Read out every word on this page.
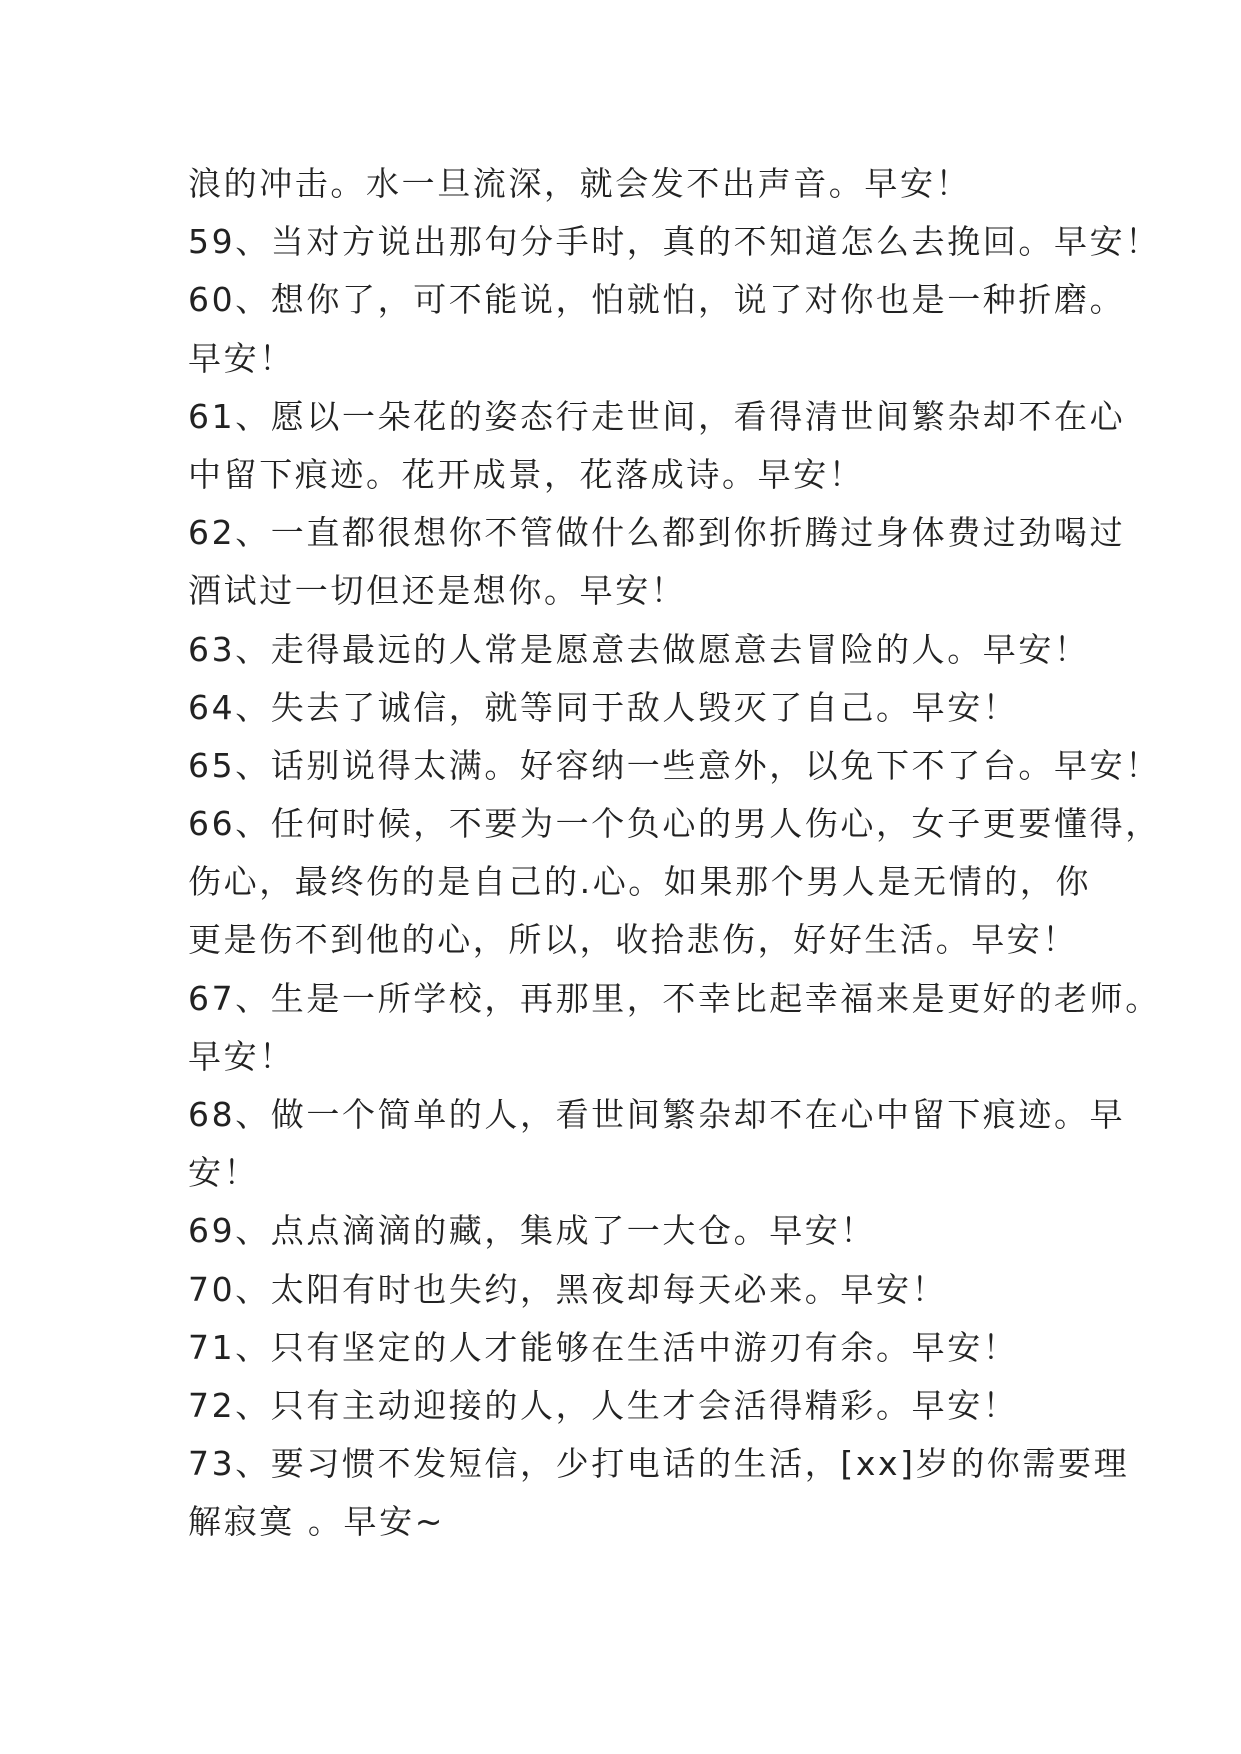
浪的冲击。水一旦流深，就会发不出声音。早安！
59、当对方说出那句分手时，真的不知道怎么去挽回。早安！
60、想你了，可不能说，怕就怕，说了对你也是一种折磨。
早安！
61、愿以一朵花的姿态行走世间，看得清世间繁杂却不在心
中留下痕迹。花开成景，花落成诗。早安！
62、一直都很想你不管做什么都到你折腾过身体费过劲喝过
酒试过一切但还是想你。早安！
63、走得最远的人常是愿意去做愿意去冒险的人。早安！
64、失去了诚信，就等同于敌人毁灭了自己。早安！
65、话别说得太满。好容纳一些意外，以免下不了台。早安！
66、任何时候，不要为一个负心的男人伤心，女子更要懂得，
伤心，最终伤的是自己的.心。如果那个男人是无情的，你
更是伤不到他的心，所以，收拾悲伤，好好生活。早安！
67、生是一所学校，再那里，不幸比起幸福来是更好的老师。
早安！
68、做一个简单的人，看世间繁杂却不在心中留下痕迹。早
安！
69、点点滴滴的藏，集成了一大仓。早安！
70、太阳有时也失约，黑夜却每天必来。早安！
71、只有坚定的人才能够在生活中游刃有余。早安！
72、只有主动迎接的人，人生才会活得精彩。早安！
73、要习惯不发短信，少打电话的生活，[xx]岁的你需要理
解寂寞 。早安~
